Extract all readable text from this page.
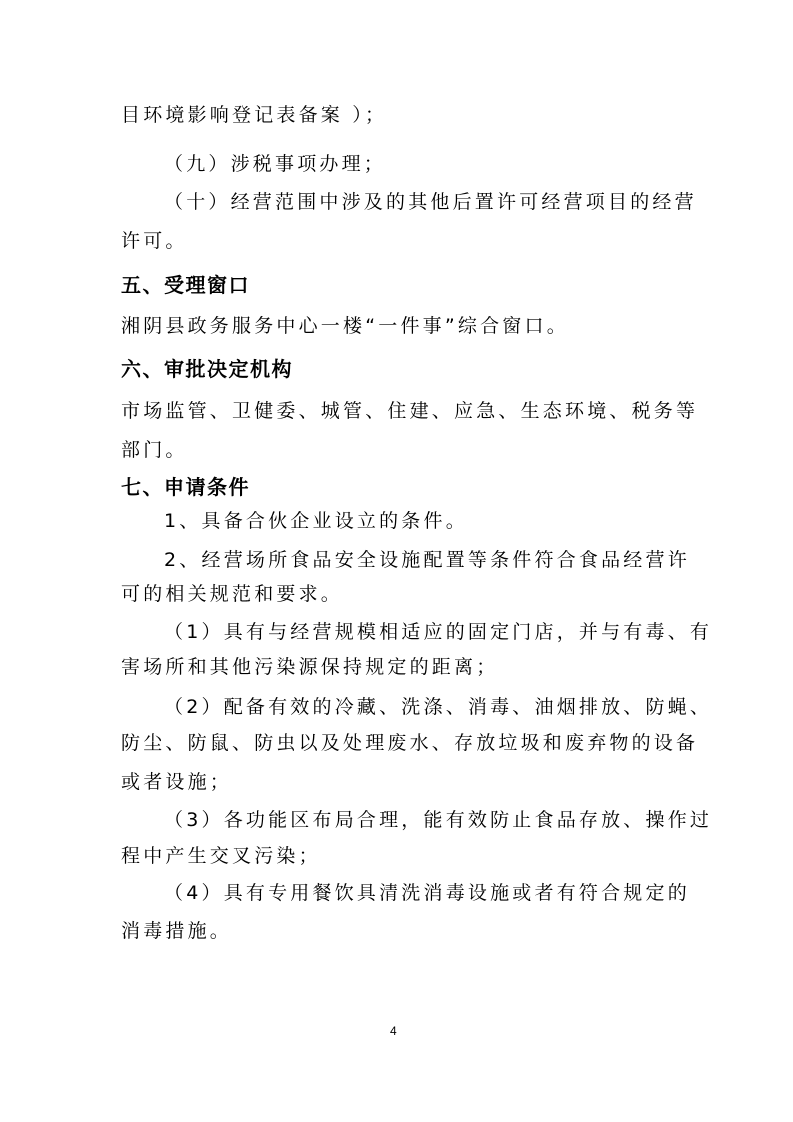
目环境影响登记表备案 ）；
（九）涉税事项办理；
（十）经营范围中涉及的其他后置许可经营项目的经营
许可。
五、受理窗口
湘阴县政务服务中心一楼“一件事”综合窗口。
六、审批决定机构
市场监管、卫健委、城管、住建、应急、生态环境、税务等
部门。
七、申请条件
1、具备合伙企业设立的条件。
2、经营场所食品安全设施配置等条件符合食品经营许
可的相关规范和要求。
（1）具有与经营规模相适应的固定门店，并与有毒、有
害场所和其他污染源保持规定的距离；
（2）配备有效的冷藏、洗涤、消毒、油烟排放、防蝇、
防尘、防鼠、防虫以及处理废水、存放垃圾和废弃物的设备
或者设施；
（3）各功能区布局合理，能有效防止食品存放、操作过
程中产生交叉污染；
（4）具有专用餐饮具清洗消毒设施或者有符合规定的
消毒措施。
4
